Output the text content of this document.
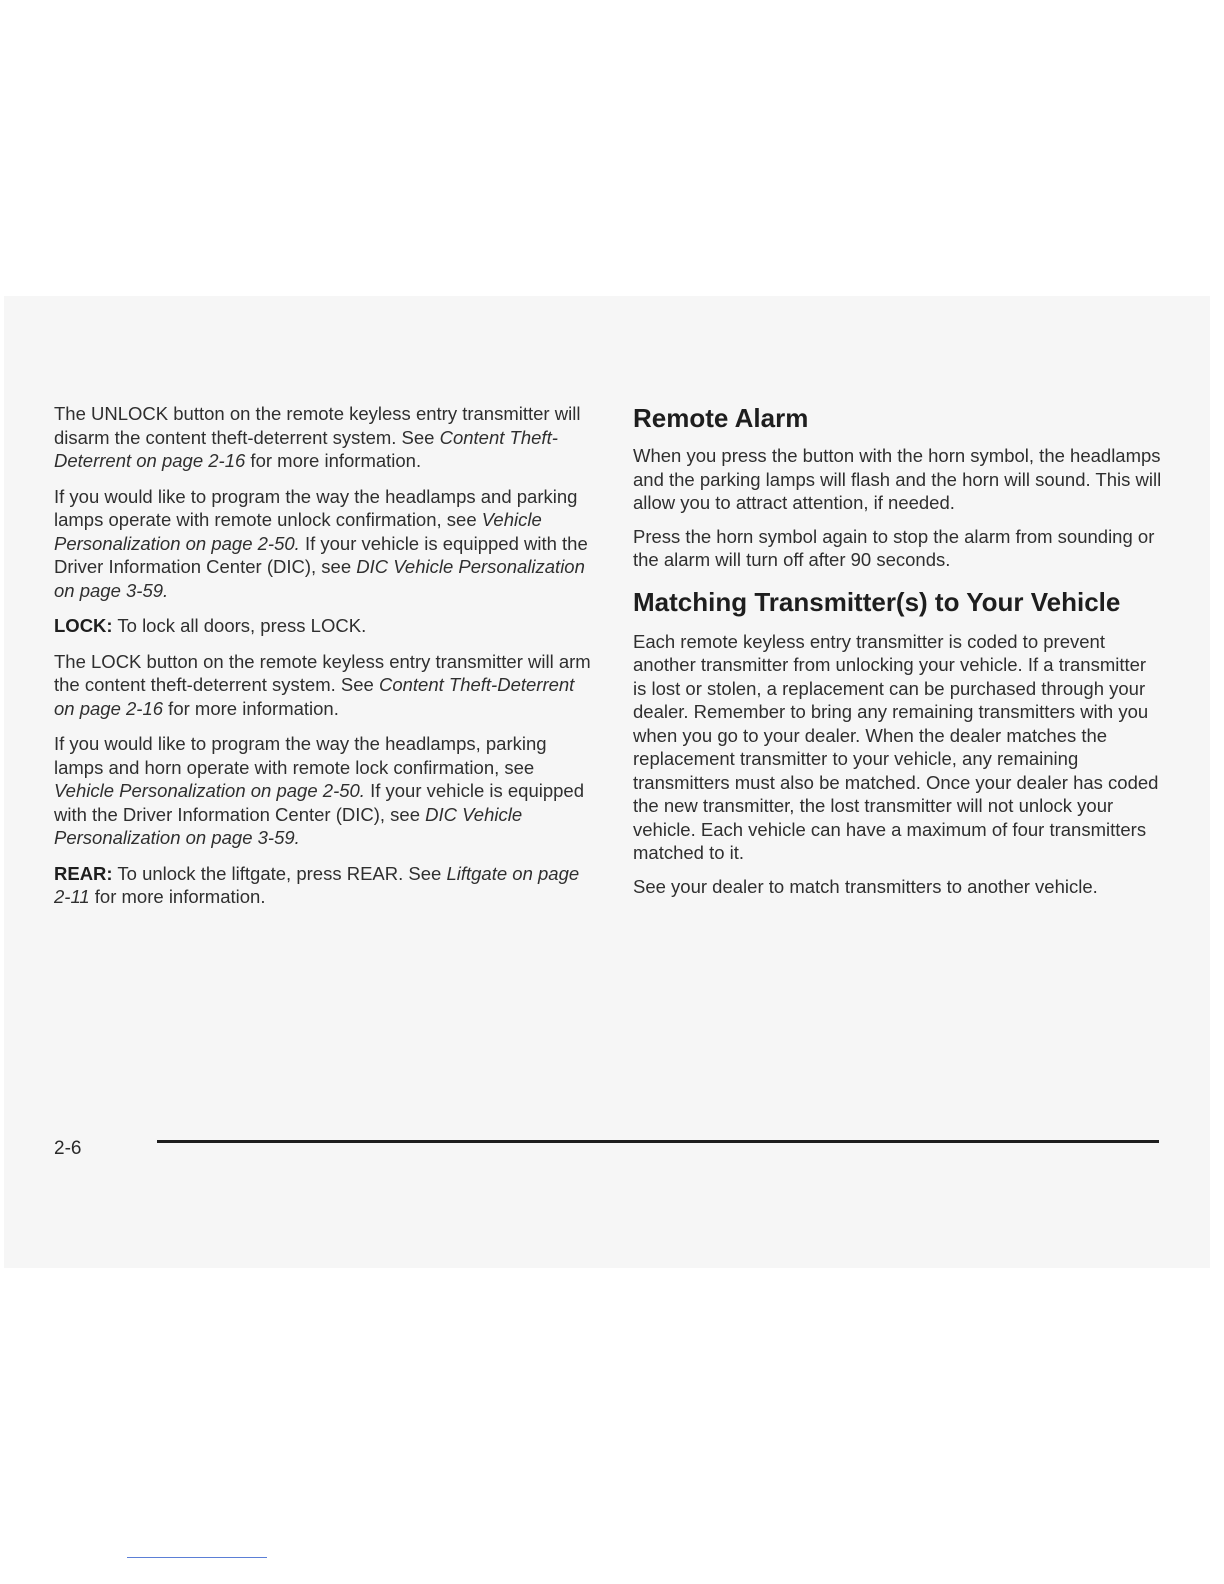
The UNLOCK button on the remote keyless entry transmitter will disarm the content theft-deterrent system. See Content Theft-Deterrent on page 2-16 for more information.

If you would like to program the way the headlamps and parking lamps operate with remote unlock confirmation, see Vehicle Personalization on page 2-50. If your vehicle is equipped with the Driver Information Center (DIC), see DIC Vehicle Personalization on page 3-59.

LOCK: To lock all doors, press LOCK.

The LOCK button on the remote keyless entry transmitter will arm the content theft-deterrent system. See Content Theft-Deterrent on page 2-16 for more information.

If you would like to program the way the headlamps, parking lamps and horn operate with remote lock confirmation, see Vehicle Personalization on page 2-50. If your vehicle is equipped with the Driver Information Center (DIC), see DIC Vehicle Personalization on page 3-59.

REAR: To unlock the liftgate, press REAR. See Liftgate on page 2-11 for more information.

Remote Alarm

When you press the button with the horn symbol, the headlamps and the parking lamps will flash and the horn will sound. This will allow you to attract attention, if needed.

Press the horn symbol again to stop the alarm from sounding or the alarm will turn off after 90 seconds.

Matching Transmitter(s) to Your Vehicle

Each remote keyless entry transmitter is coded to prevent another transmitter from unlocking your vehicle. If a transmitter is lost or stolen, a replacement can be purchased through your dealer. Remember to bring any remaining transmitters with you when you go to your dealer. When the dealer matches the replacement transmitter to your vehicle, any remaining transmitters must also be matched. Once your dealer has coded the new transmitter, the lost transmitter will not unlock your vehicle. Each vehicle can have a maximum of four transmitters matched to it.

See your dealer to match transmitters to another vehicle.

2-6
